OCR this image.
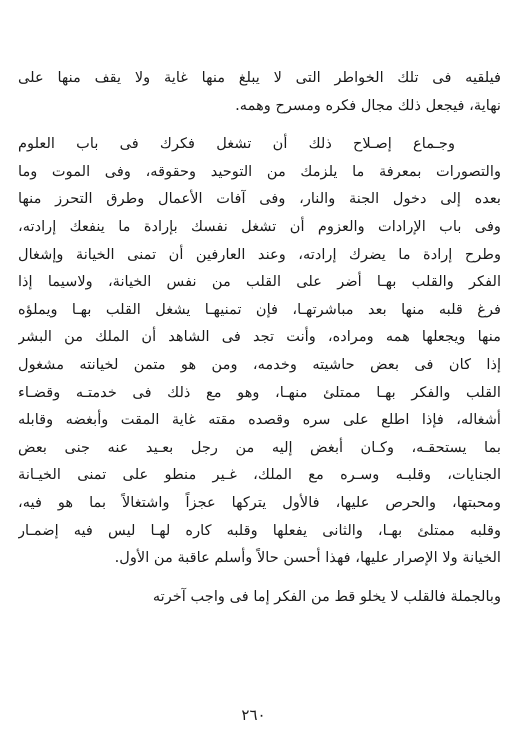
فيلقيه فى تلك الخواطر التى لا يبلغ منها غاية ولا يقف منها على
نهاية، فيجعل ذلك مجال فكره ومسرح وهمه.
وجـماع إصـلاح ذلك أن تشغل فكرك فى باب العلوم
والتصورات بمعرفة ما يلزمك من التوحيد وحقوقه، وفى الموت وما
بعده إلى دخول الجنة والنار، وفى آفات الأعمال وطرق التحرز منها
وفى باب الإرادات والعزوم أن تشغل نفسك بإرادة ما ينفعك إرادته،
وطرح إرادة ما يضرك إرادته، وعند العارفين أن تمنى الخيانة وإشغال
الفكر والقلب بهـا أضر على القلب من نفس الخيانة، ولاسيما إذا
فرغ قلبه منها بعد مباشرتهـا، فإن تمنيهـا يشغل القلب بهـا ويملؤه
منها ويجعلها همه ومراده، وأنت تجد فى الشاهد أن الملك من البشر
إذا كان فى بعض حاشيته وخدمه، ومن هو متمن لخيانته مشغول
القلب والفكر بهـا ممتلئ منهـا، وهو مع ذلك فى خدمتـه وقضـاء
أشغاله، فإذا اطلع على سره وقصده مقته غاية المقت وأبغضه وقابله
بما يستحقـه، وكـان أبغض إليه من رجل بعـيد عنه جنى بعض
الجنايات، وقلبـه وسـره مع الملك، غـير منطو على تمنى الخيـانة
ومحبتها، والحرص عليها، فالأول يتركها عجزاً واشتغالاً بما هو فيه،
وقلبه ممتلئ بهـا، والثانى يفعلها وقلبه كاره لهـا ليس فيه إضمـار
الخيانة ولا الإصرار عليها، فهذا أحسن حالاً وأسلم عاقبة من الأول.
وبالجملة فالقلب لا يخلو قط من الفكر إما فى واجب آخرته
٢٦٠
